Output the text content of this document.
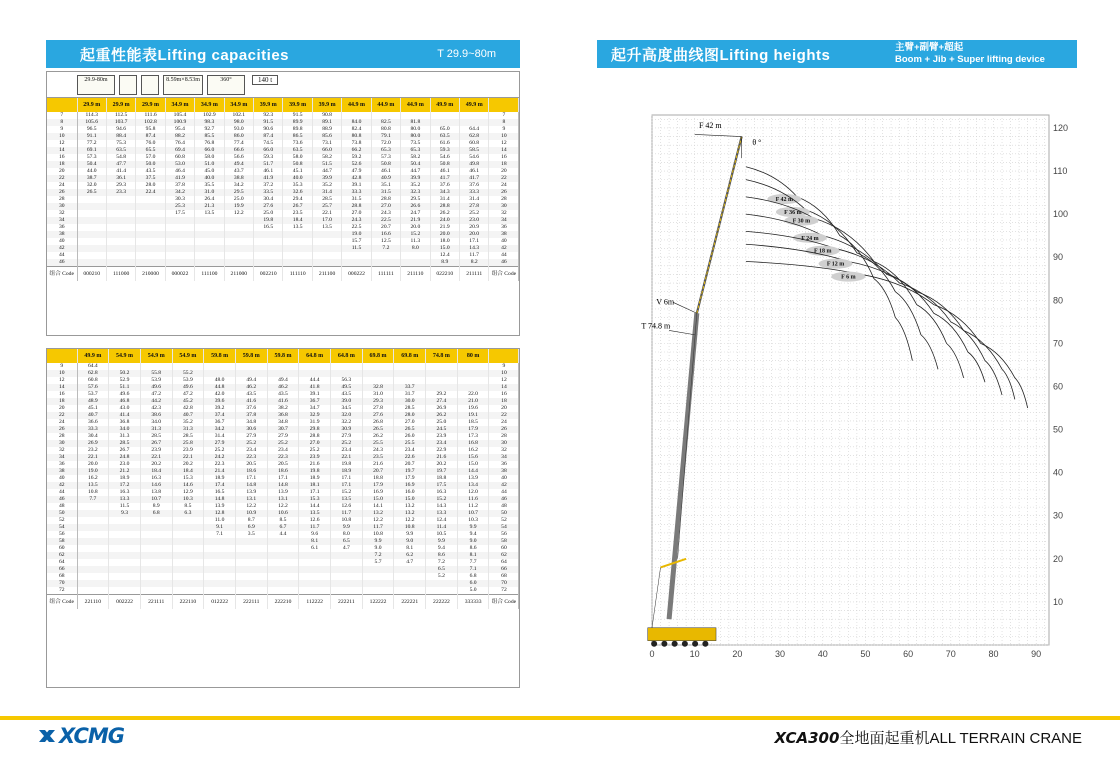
起重性能表Lifting capacities	T 29.9~80m	起升高度曲线图Lifting heights	主臂+副臂+超起
Boom + Jib + Super lifting device
29.9-80m	8.59m×8.53m	360°	140 t
	29.9 m	29.9 m	29.9 m	34.9 m	34.9 m	34.9 m	39.9 m	39.9 m	39.9 m	44.9 m	44.9 m	44.9 m	49.9 m	49.9 m	
7	114.3	112.5	111.6	105.4	102.9	102.1	92.3	91.5	90.8						7
8	105.6	103.7	102.8	100.9	98.3	98.0	91.5	89.9	89.1	84.0	82.5	81.8			8
9	96.5	94.6	95.8	95.4	92.7	93.0	90.6	89.8	88.9	82.4	80.8	80.0	65.0	64.4	9
10	91.1	88.4	87.4	88.2	85.5	86.0	87.4	86.5	85.6	80.8	79.1	80.0	63.5	62.8	10
12	77.2	75.3	76.0	76.4	76.8	77.4	74.5	73.6	73.1	73.8	72.0	73.5	61.6	60.8	12
14	69.1	63.5	65.5	69.4	66.0	66.6	66.0	63.5	66.0	66.2	65.3	65.3	59.3	58.5	14
16	57.3	54.8	57.0	60.8	58.0	56.6	59.3	58.0	58.2	59.2	57.3	58.2	54.6	54.6	16
18	50.4	47.7	50.0	53.0	51.0	49.4	51.7	50.8	51.5	52.6	50.8	50.4	50.8	49.8	18
20	44.0	41.4	43.5	46.4	45.0	43.7	46.1	45.1	44.7	47.9	46.1	44.7	46.1	46.1	20
22	38.7	36.1	37.5	41.9	40.0	38.8	41.9	40.0	39.9	42.8	40.9	39.9	41.7	41.7	22
24	32.0	29.3	28.0	37.8	35.5	34.2	37.2	35.3	35.2	39.1	35.1	35.2	37.6	37.6	24
26	26.5	23.3	22.4	34.2	31.0	29.5	33.5	32.6	31.4	33.3	31.5	32.3	34.3	33.3	26
28				30.3	26.4	25.0	30.4	29.4	28.5	31.5	28.8	29.5	31.4	31.4	28
30				25.3	21.3	19.9	27.6	26.7	25.7	28.8	27.0	26.6	28.8	27.8	30
32				17.5	13.5	12.2	25.0	23.5	22.1	27.0	24.3	24.7	26.2	25.2	32
34							19.8	18.4	17.0	24.3	22.5	21.9	24.0	23.0	34
36							16.5	13.5	13.5	22.5	20.7	20.0	21.9	20.9	36
38										19.0	16.6	15.2	20.0	20.0	38
40										15.7	12.5	11.3	18.0	17.1	40
42										11.5	7.2	8.0	15.0	14.3	42
44													12.4	11.7	44
46													8.9	8.2	46
组合 Code	000210	111000	210000	000022	111100	211000	002210	111110	211100	000222	111111	211110	022210	211111	组合 Code
	49.9 m	54.9 m	54.9 m	54.9 m	59.8 m	59.8 m	59.8 m	64.8 m	64.8 m	69.8 m	69.8 m	74.8 m	80 m	
9	64.4													9
10	62.8	50.2	55.8	55.2										10
12	60.8	52.9	53.9	53.9	48.0	49.4	49.4	44.4	56.3					12
14	57.6	51.1	49.6	49.6	44.8	46.2	46.2	41.8	49.5	32.8	33.7			14
16	53.7	49.6	47.2	47.2	42.0	43.5	43.5	39.1	43.5	31.0	31.7	29.2	22.0	16
18	48.9	46.8	44.2	45.2	39.6	41.6	41.6	36.7	39.0	29.3	30.0	27.4	21.0	18
20	45.1	43.0	42.3	42.8	39.2	37.6	38.2	34.7	34.5	27.8	28.5	26.9	19.6	20
22	40.7	41.4	38.6	40.7	37.4	37.8	36.8	32.9	32.0	27.6	28.0	26.2	19.1	22
24	36.6	36.8	34.0	35.2	36.7	34.8	34.8	31.9	32.2	26.8	27.0	25.0	18.5	24
26	33.3	34.0	31.3	31.3	34.2	30.6	30.7	29.8	30.9	26.5	26.5	24.5	17.9	26
28	30.4	31.3	28.5	28.5	31.4	27.9	27.9	28.8	27.9	26.2	26.0	23.9	17.3	28
30	26.9	28.5	26.7	25.8	27.9	25.2	25.2	27.0	25.2	25.5	25.5	23.4	16.8	30
32	23.2	26.7	23.9	23.9	25.2	23.4	23.4	25.2	23.4	24.3	23.4	22.9	16.2	32
34	22.1	24.8	22.1	22.1	24.2	22.3	22.3	23.9	22.1	23.5	22.6	21.6	15.6	34
36	20.0	23.0	20.2	20.2	22.3	20.5	20.5	21.6	19.8	21.6	20.7	20.2	15.0	36
38	19.0	21.2	18.4	18.4	21.4	18.6	18.6	19.8	18.9	20.7	19.7	19.7	14.4	38
40	16.2	18.9	16.3	15.3	18.9	17.1	17.1	18.9	17.1	18.8	17.9	18.8	13.9	40
42	13.5	17.2	14.6	14.6	17.4	14.8	14.8	18.1	17.1	17.9	16.9	17.5	13.4	42
44	10.8	16.3	13.8	12.9	16.5	13.9	13.9	17.1	15.2	16.9	16.0	16.3	12.0	44
46	7.7	13.3	10.7	10.3	14.8	13.1	13.1	15.3	13.5	15.0	15.0	15.2	11.6	46
48		11.5	8.9	8.5	13.9	12.2	12.2	14.4	12.6	14.1	13.2	14.3	11.2	48
50		9.3	6.8	6.3	12.8	10.9	10.6	13.5	11.7	13.2	13.2	13.3	10.7	50
52					11.0	8.7	8.5	12.6	10.8	12.2	12.2	12.4	10.3	52
54					9.1	6.9	6.7	11.7	9.9	11.7	10.8	11.4	9.9	54
56					7.1	3.5	4.4	9.6	8.0	10.8	9.9	10.5	9.4	56
58								8.1	6.5	9.9	9.0	9.9	9.0	58
60								6.1	4.7	9.0	8.1	9.4	8.6	60
62										7.2	6.2	8.6	8.1	62
64										5.7	4.7	7.2	7.7	64
66												6.5	7.1	66
68												5.2	6.8	68
70													6.0	70
72													5.0	72
组合 Code	221110	002222	221111	222110	012222	222111	222210	112222	222211	122222	222221	222222	333333	组合 Code
0	10	20	30	40	50	60	70	80	90
10
20
30
40
50
60
70
80
90
100
110
120
F 42 m
F 36 m
F 30 m
F 24 m
F 18 m
F 12 m
F 6 m
F 42 m
V 6m
T 74.8 m
θ °
XCMG	XCA300全地面起重机ALL TERRAIN CRANE
